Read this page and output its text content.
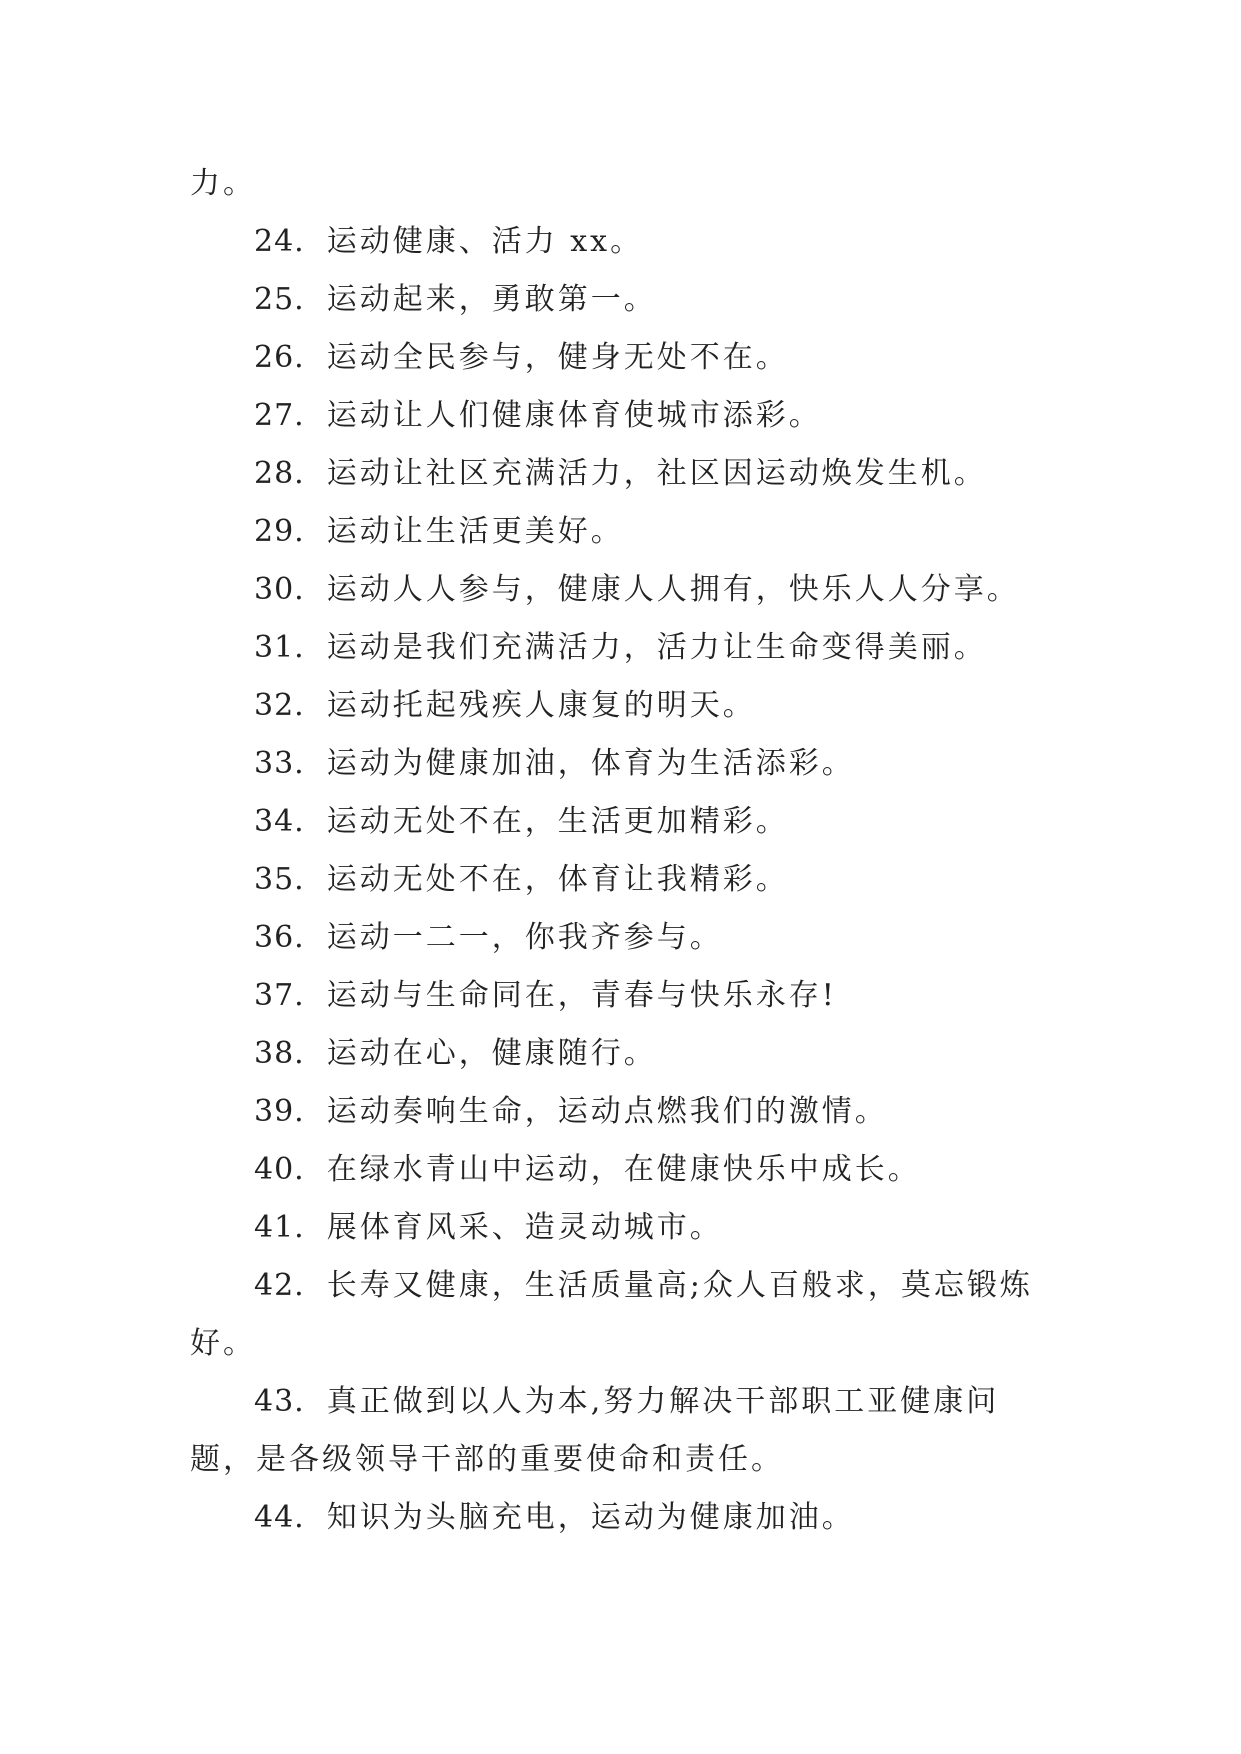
力。

24. 运动健康、活力 xx。

25. 运动起来，勇敢第一。

26. 运动全民参与，健身无处不在。

27. 运动让人们健康体育使城市添彩。

28. 运动让社区充满活力，社区因运动焕发生机。

29. 运动让生活更美好。

30. 运动人人参与，健康人人拥有，快乐人人分享。

31. 运动是我们充满活力，活力让生命变得美丽。

32. 运动托起残疾人康复的明天。

33. 运动为健康加油，体育为生活添彩。

34. 运动无处不在，生活更加精彩。

35. 运动无处不在，体育让我精彩。

36. 运动一二一，你我齐参与。

37. 运动与生命同在，青春与快乐永存!

38. 运动在心，健康随行。

39. 运动奏响生命，运动点燃我们的激情。

40. 在绿水青山中运动，在健康快乐中成长。

41. 展体育风采、造灵动城市。

42. 长寿又健康，生活质量高;众人百般求，莫忘锻炼好。

43. 真正做到以人为本,努力解决干部职工亚健康问题，是各级领导干部的重要使命和责任。

44. 知识为头脑充电，运动为健康加油。
